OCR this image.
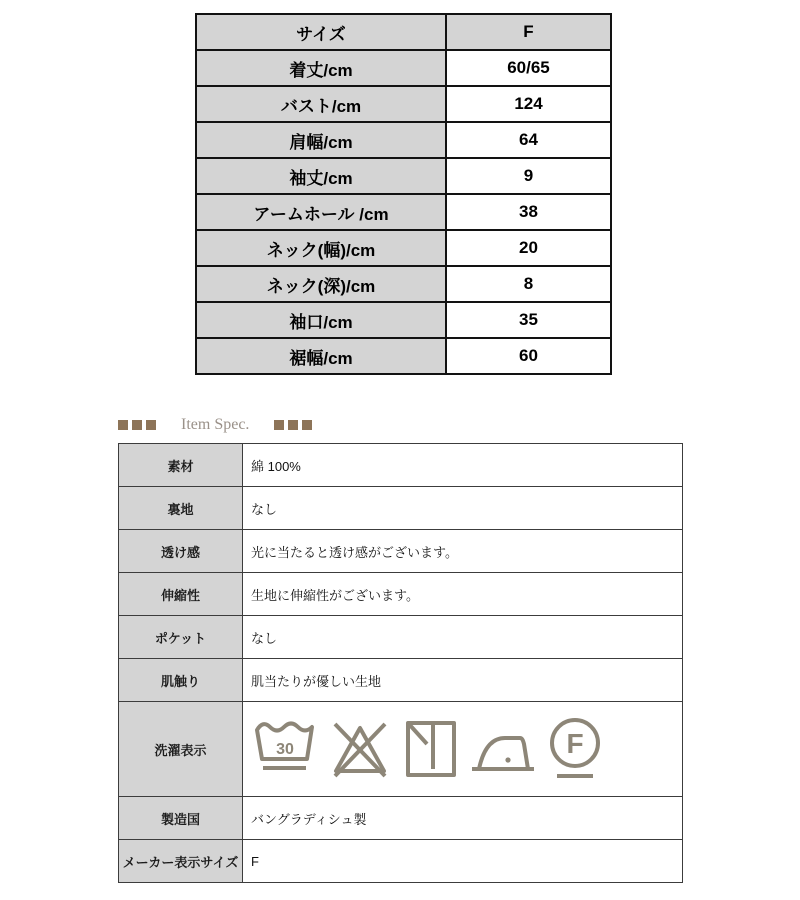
サイズ	F
着丈/cm	60/65
バスト/cm	124
肩幅/cm	64
袖丈/cm	9
アームホール /cm	38
ネック(幅)/cm	20
ネック(深)/cm	8
袖口/cm	35
裾幅/cm	60
Item Spec.
素材	綿 100%
裏地	なし
透け感	光に当たると透け感がございます。
伸縮性	生地に伸縮性がございます。
ポケット	なし
肌触り	肌当たりが優しい生地
洗濯表示	30 F

製造国	バングラディシュ製
メーカー表示サイズ	F
